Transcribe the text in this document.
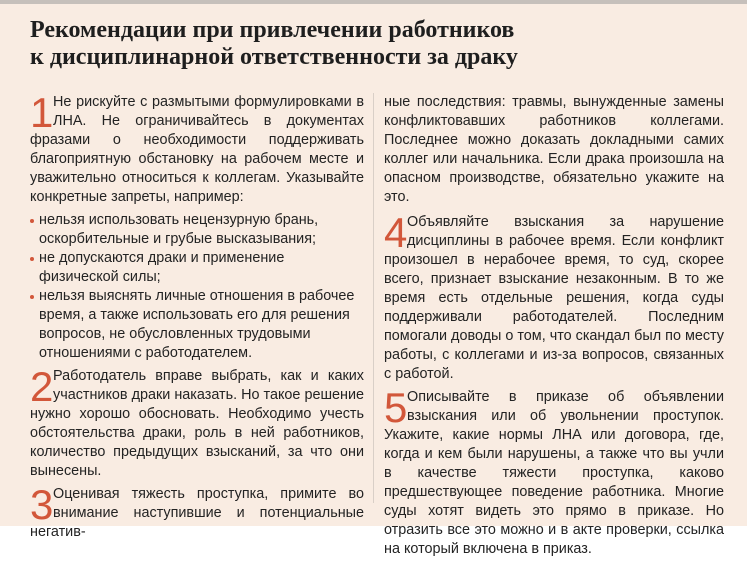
Рекомендации при привлечении работников
к дисциплинарной ответственности за драку
1 Не рискуйте с размытыми формулировками в ЛНА. Не ограничивайтесь в документах фразами о необходимости поддерживать благоприятную обстановку на рабочем месте и уважительно относиться к коллегам. Указывайте конкретные запреты, например:
нельзя использовать нецензурную брань, оскорбительные и грубые высказывания;
не допускаются драки и применение физической силы;
нельзя выяснять личные отношения в рабочее время, а также использовать его для решения вопросов, не обусловленных трудовыми отношениями с работодателем.
2 Работодатель вправе выбрать, как и каких участников драки наказать. Но такое решение нужно хорошо обосновать. Необходимо учесть обстоятельства драки, роль в ней работников, количество предыдущих взысканий, за что они вынесены.
3 Оценивая тяжесть проступка, примите во внимание наступившие и потенциальные негатив-

ные последствия: травмы, вынужденные замены конфликтовавших работников коллегами. Последнее можно доказать докладными самих коллег или начальника. Если драка произошла на опасном производстве, обязательно укажите на это.

4 Объявляйте взыскания за нарушение дисциплины в рабочее время. Если конфликт произошел в нерабочее время, то суд, скорее всего, признает взыскание незаконным. В то же время есть отдельные решения, когда суды поддерживали работодателей. Последним помогали доводы о том, что скандал был по месту работы, с коллегами и из-за вопросов, связанных с работой.
5 Описывайте в приказе об объявлении взыскания или об увольнении проступок. Укажите, какие нормы ЛНА или договора, где, когда и кем были нарушены, а также что вы учли в качестве тяжести проступка, каково предшествующее поведение работника. Многие суды хотят видеть это прямо в приказе. Но отразить все это можно и в акте проверки, ссылка на который включена в приказ.
